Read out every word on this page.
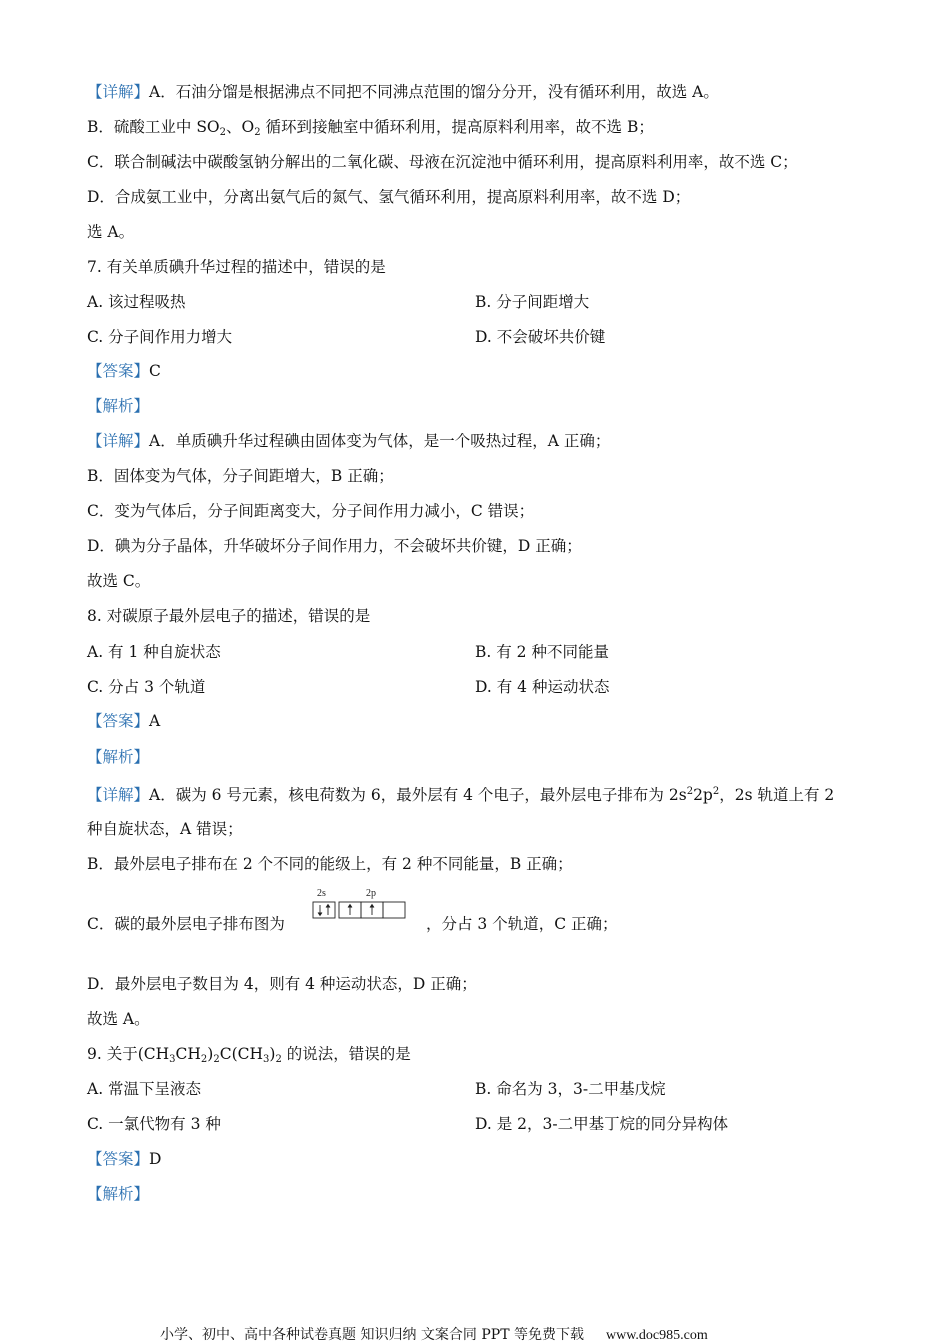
【详解】A．石油分馏是根据沸点不同把不同沸点范围的馏分分开，没有循环利用，故选 A。
B．硫酸工业中 $SO_2$、$O_2$ 循环到接触室中循环利用，提高原料利用率，故不选 B；
C．联合制碱法中碳酸氢钠分解出的二氧化碳、母液在沉淀池中循环利用，提高原料利用率，故不选 C；
D．合成氨工业中，分离出氨气后的氮气、氢气循环利用，提高原料利用率，故不选 D；
选 A。
7. 有关单质碘升华过程的描述中，错误的是
A. 该过程吸热	B. 分子间距增大
C. 分子间作用力增大	D. 不会破坏共价键
【答案】C
【解析】
【详解】A．单质碘升华过程碘由固体变为气体，是一个吸热过程，A 正确；
B．固体变为气体，分子间距增大，B 正确；
C．变为气体后，分子间距离变大，分子间作用力减小，C 错误；
D．碘为分子晶体，升华破坏分子间作用力，不会破坏共价键，D 正确；
故选 C。
8. 对碳原子最外层电子的描述，错误的是
A. 有 1 种自旋状态	B. 有 2 种不同能量
C. 分占 3 个轨道	D. 有 4 种运动状态
【答案】A
【解析】
【详解】A．碳为 6 号元素，核电荷数为 6，最外层有 4 个电子，最外层电子排布为 $2s^22p^2$，2s 轨道上有 2
种自旋状态，A 错误；
B．最外层电子排布在 2 个不同的能级上，有 2 种不同能量，B 正确；
C．碳的最外层电子排布图为
2s	2p
，分占 3 个轨道，C 正确；
D．最外层电子数目为 4，则有 4 种运动状态，D 正确；
故选 A。
9. 关于$(CH_3CH_2)_2C(CH_3)_2$ 的说法，错误的是
A. 常温下呈液态	B. 命名为 3，3-二甲基戊烷
C. 一氯代物有 3 种	D. 是 2，3-二甲基丁烷的同分异构体
【答案】D
【解析】
小学、初中、高中各种试卷真题 知识归纳 文案合同 PPT 等免费下载 www.doc985.com
